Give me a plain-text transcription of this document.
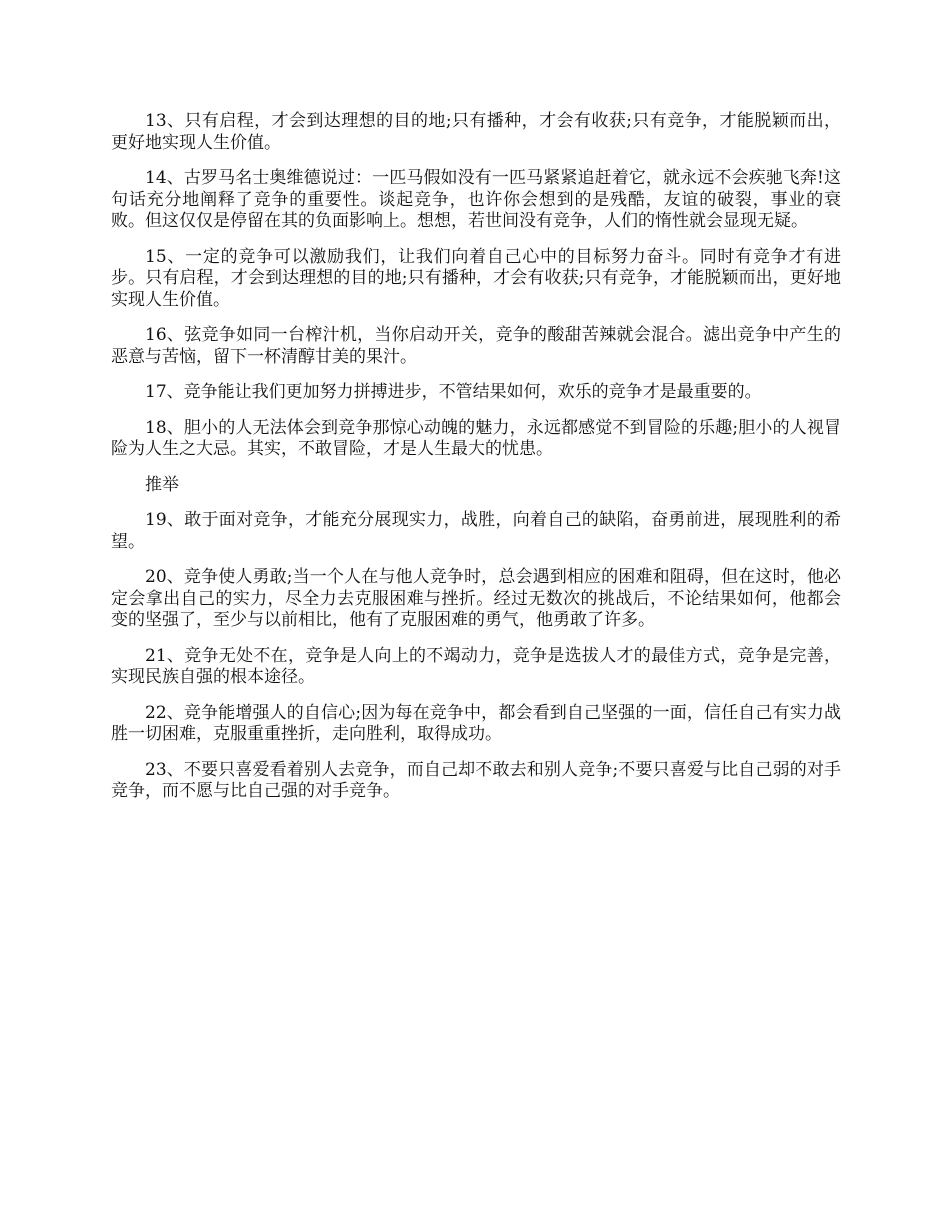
13、只有启程，才会到达理想的目的地;只有播种，才会有收获;只有竞争，才能脱颖而出，更好地实现人生价值。

14、古罗马名士奥维德说过：一匹马假如没有一匹马紧紧追赶着它，就永远不会疾驰飞奔!这句话充分地阐释了竞争的重要性。谈起竞争，也许你会想到的是残酷，友谊的破裂，事业的衰败。但这仅仅是停留在其的负面影响上。想想，若世间没有竞争，人们的惰性就会显现无疑。

15、一定的竞争可以激励我们，让我们向着自己心中的目标努力奋斗。同时有竞争才有进步。只有启程，才会到达理想的目的地;只有播种，才会有收获;只有竞争，才能脱颖而出，更好地实现人生价值。

16、弦竞争如同一台榨汁机，当你启动开关，竞争的酸甜苦辣就会混合。滤出竞争中产生的恶意与苦恼，留下一杯清醇甘美的果汁。

17、竞争能让我们更加努力拼搏进步，不管结果如何，欢乐的竞争才是最重要的。

18、胆小的人无法体会到竞争那惊心动魄的魅力，永远都感觉不到冒险的乐趣;胆小的人视冒险为人生之大忌。其实，不敢冒险，才是人生最大的忧患。

推举

19、敢于面对竞争，才能充分展现实力，战胜，向着自己的缺陷，奋勇前进，展现胜利的希望。

20、竞争使人勇敢;当一个人在与他人竞争时，总会遇到相应的困难和阻碍，但在这时，他必定会拿出自己的实力，尽全力去克服困难与挫折。经过无数次的挑战后，不论结果如何，他都会变的坚强了，至少与以前相比，他有了克服困难的勇气，他勇敢了许多。

21、竞争无处不在，竞争是人向上的不竭动力，竞争是选拔人才的最佳方式，竞争是完善，实现民族自强的根本途径。

22、竞争能增强人的自信心;因为每在竞争中，都会看到自己坚强的一面，信任自己有实力战胜一切困难，克服重重挫折，走向胜利，取得成功。

23、不要只喜爱看着别人去竞争，而自己却不敢去和别人竞争;不要只喜爱与比自己弱的对手竞争，而不愿与比自己强的对手竞争。
